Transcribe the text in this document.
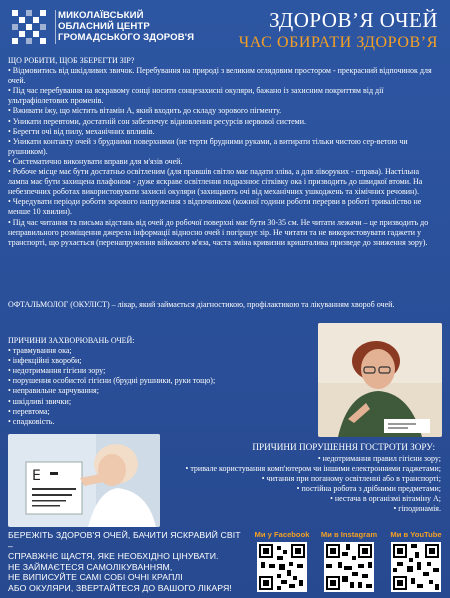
МИКОЛАЇВСЬКИЙ
ОБЛАСНИЙ ЦЕНТР
ГРОМАДСЬКОГО ЗДОРОВ'Я
ЗДОРОВ’Я ОЧЕЙ
ЧАС ОБИРАТИ ЗДОРОВ’Я
ЩО РОБИТИ, ЩОБ ЗБЕРЕГТИ ЗІР?

• Відмовитись від шкідливих звичок. Перебування на природі з великим оглядовим простором - прекрасний відпочинок для очей.

• Під час перебування на яскравому сонці носити сонцезахисні окуляри, бажано із захисним покриттям від дії ультрафіолетових променів.

• Вживати їжу, що містить вітамін А, який входить до складу зорового пігменту.

• Уникати перевтоми, достатній сон забезпечує відновлення ресурсів нервової системи.

• Берегти очі від пилу, механічних впливів.

• Уникати контакту очей з брудними поверхнями (не терти брудними руками, а витирати тільки чистою сер-ветою чи рушником).

• Систематично виконувати вправи для м'язів очей.

• Робоче місце має бути достатньо освітленим (для правшів світло має падати зліва, а для ліворуких - справа). Настільна лампа має бути захищена плафоном - дуже яскраве освітлення подразнює сітківку ока і призводить до швидкої втоми. На небезпечних роботах використовувати захисні окуляри (захищають очі від механічних ушкоджень та хімічних речовин).

• Чередувати періоди роботи зорового напруження з відпочинком (кожної години роботи перерви в роботі триваліство не менше 10 хвилин).

• Під час читання та письма відстань від очей до робочої поверхні має бути 30-35 см. Не читати лежачи – це призводить до неправильного розміщення джерела інформації відносно очей і погіршує зір. Не читати та не використовувати гаджети у транспорті, що рухається (перенапруження війкового м'яза, часта зміна кривизни кришталика призведе до зниження зору).

ОФТАЛЬМОЛОГ (ОКУЛІСТ) – лікар, який займається діагностикою, профілактикою та лікуванням хвороб очей.
ПРИЧИНИ ЗАХВОРЮВАНЬ ОЧЕЙ:

• травмування ока;

• інфекційні хвороби;

• недотримання гігієни зору;

• порушення особистої гігієни (брудні рушники, руки тощо);

• неправильне харчування;

• шкідливі звички;

• перевтома;

• спадковість.

E
ПРИЧИНИ ПОРУШЕННЯ ГОСТРОТИ ЗОРУ:

• недотримання правил гігієни зору;

• тривале користування комп'ютером чи іншими електронними гаджетами;

• читання при поганому освітленні або в транспорті;

• постійна робота з дрібними предметами;

• нестача в організмі вітаміну А;

• гіподинамія.

БЕРЕЖІТЬ ЗДОРОВ'Я ОЧЕЙ, БАЧИТИ ЯСКРАВИЙ СВІТ –
СПРАВЖНЄ ЩАСТЯ, ЯКЕ НЕОБХІДНО ЦІНУВАТИ.
НЕ ЗАЙМАЄТЕСЯ САМОЛІКУВАННЯМ,
НЕ ВИПИСУЙТЕ САМІ СОБІ ОЧНІ КРАПЛІ
АБО ОКУЛЯРИ, ЗВЕРТАЙТЕСЯ ДО ВАШОГО ЛІКАРЯ!
Ми у Facebook Ми в Instagram	Ми в YouTube
